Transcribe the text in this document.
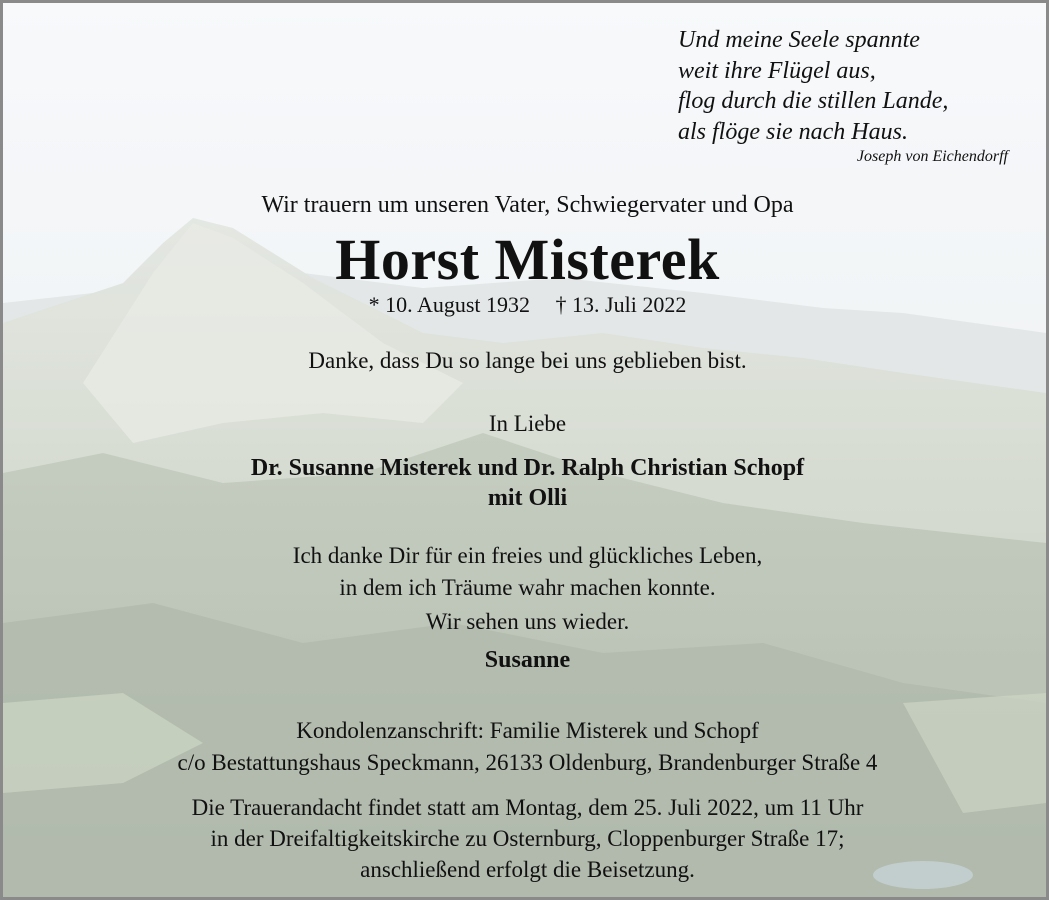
Und meine Seele spannte
weit ihre Flügel aus,
flog durch die stillen Lande,
als flöge sie nach Haus.
Joseph von Eichendorff
Wir trauern um unseren Vater, Schwiegervater und Opa
Horst Misterek
* 10. August 1932 † 13. Juli 2022
Danke, dass Du so lange bei uns geblieben bist.
In Liebe
Dr. Susanne Misterek und Dr. Ralph Christian Schopf
mit Olli
Ich danke Dir für ein freies und glückliches Leben,
in dem ich Träume wahr machen konnte.
Wir sehen uns wieder.
Susanne
Kondolenzanschrift: Familie Misterek und Schopf
c/o Bestattungshaus Speckmann, 26133 Oldenburg, Brandenburger Straße 4
Die Trauerandacht findet statt am Montag, dem 25. Juli 2022, um 11 Uhr
in der Dreifaltigkeitskirche zu Osternburg, Cloppenburger Straße 17;
anschließend erfolgt die Beisetzung.
